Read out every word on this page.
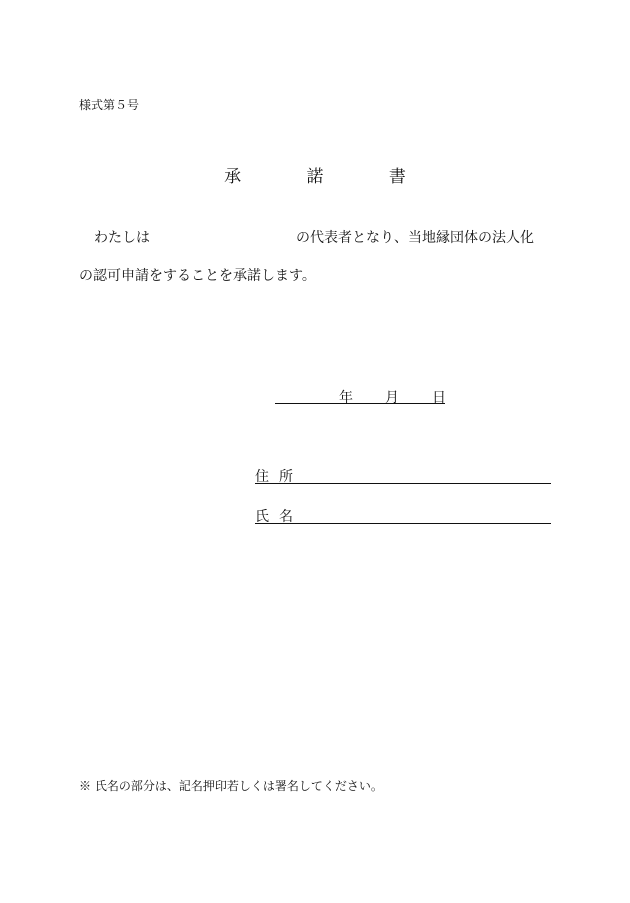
様式第５号
承	諾	書
わたしは	の代表者となり、当地縁団体の法人化
の認可申請をすることを承諾します。
年 月 日
住所
氏名
※ 氏名の部分は、記名押印若しくは署名してください。
